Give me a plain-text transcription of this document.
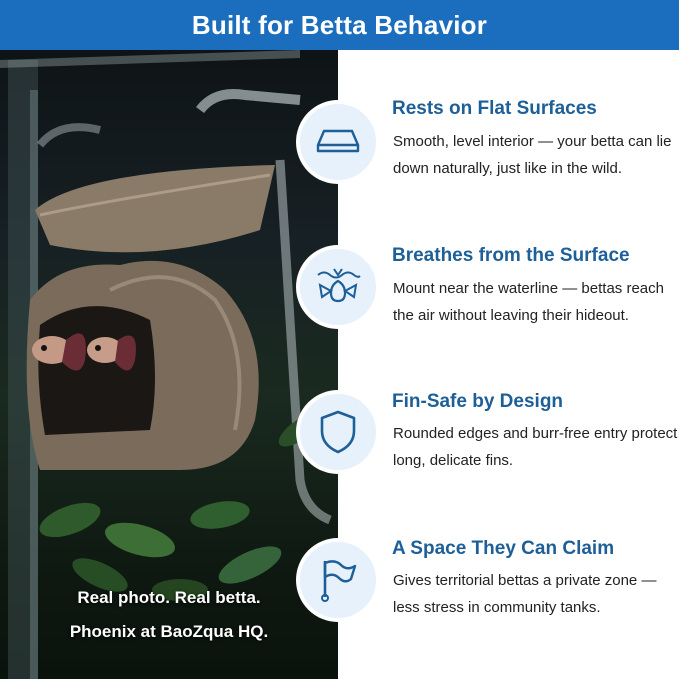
Built for Betta Behavior
Real photo. Real betta.
Phoenix at BaoZqua HQ.
Rests on Flat Surfaces
Smooth, level interior — your betta can lie down naturally, just like in the wild.
Breathes from the Surface
Mount near the waterline — bettas reach the air without leaving their hideout.
Fin-Safe by Design
Rounded edges and burr-free entry protect long, delicate fins.
A Space They Can Claim
Gives territorial bettas a private zone — less stress in community tanks.
